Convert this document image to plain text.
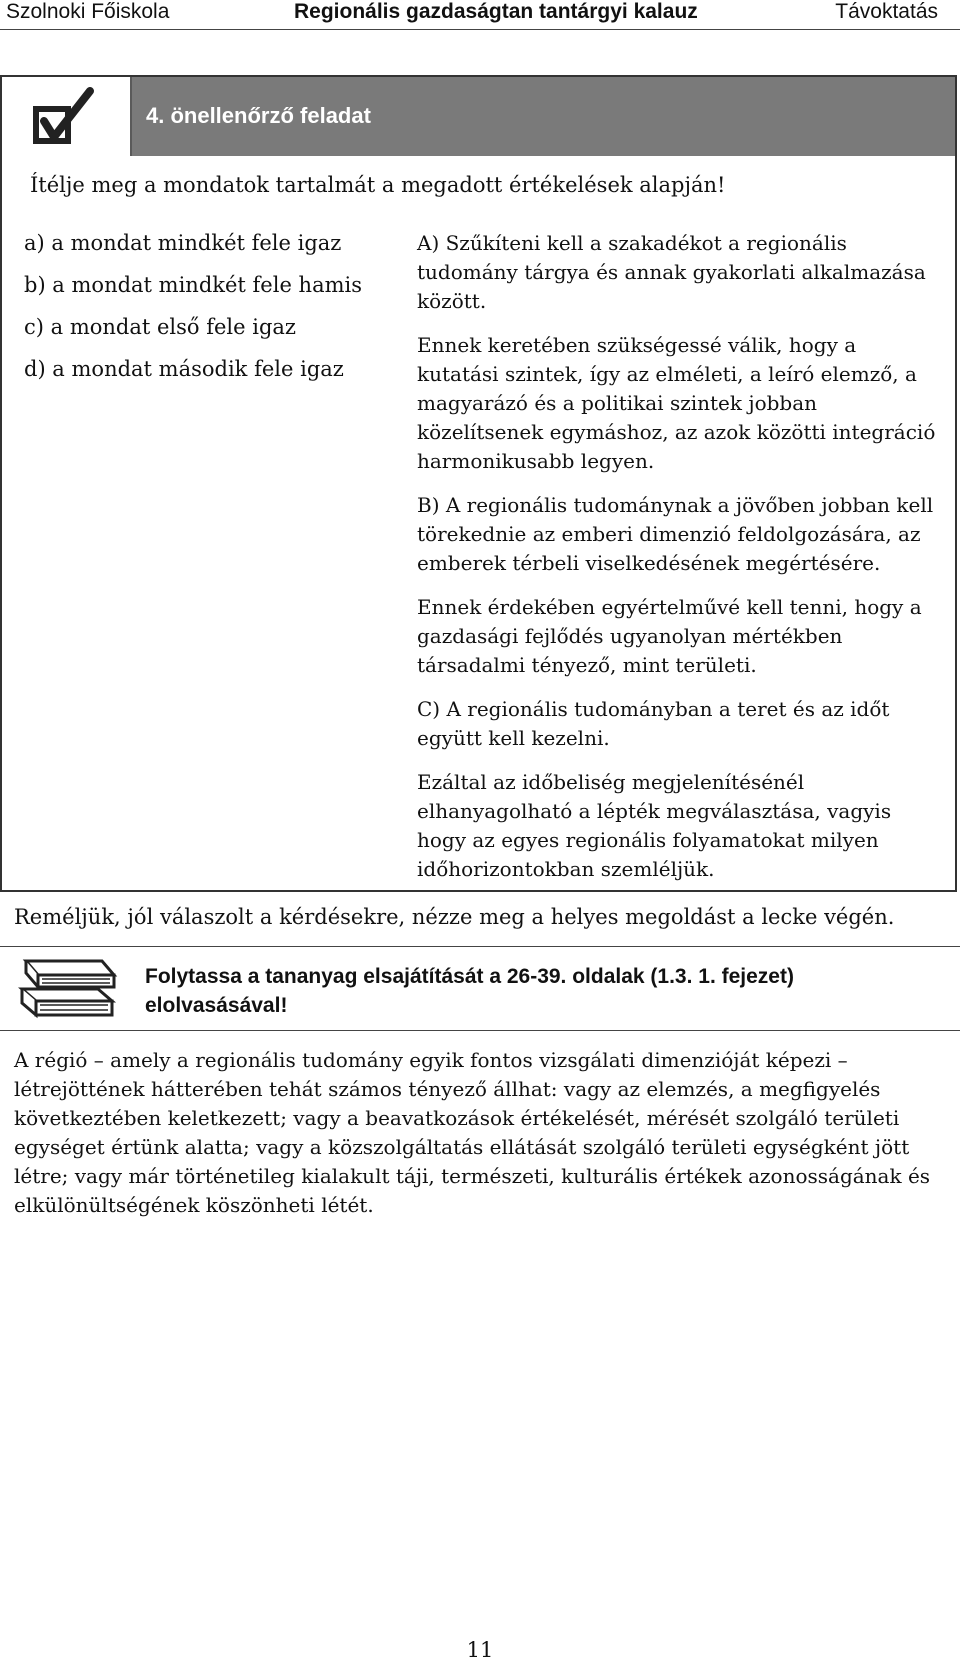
Szolnoki Főiskola	Regionális gazdaságtan tantárgyi kalauz	Távoktatás
4. önellenőrző feladat
Ítélje meg a mondatok tartalmát a megadott értékelések alapján!
a) a mondat mindkét fele igaz
b) a mondat mindkét fele hamis
c) a mondat első fele igaz
d) a mondat második fele igaz

A) Szűkíteni kell a szakadékot a regionális tudomány tárgya és annak gyakorlati alkalmazása között.

Ennek keretében szükségessé válik, hogy a kutatási szintek, így az elméleti, a leíró elemző, a magyarázó és a politikai szintek jobban közelítsenek egymáshoz, az azok közötti integráció harmonikusabb legyen.

B) A regionális tudománynak a jövőben jobban kell törekednie az emberi dimenzió feldolgozására, az emberek térbeli viselkedésének megértésére.

Ennek érdekében egyértelművé kell tenni, hogy a gazdasági fejlődés ugyanolyan mértékben társadalmi tényező, mint területi.

C) A regionális tudományban a teret és az időt együtt kell kezelni.

Ezáltal az időbeliség megjelenítésénél elhanyagolható a lépték megválasztása, vagyis hogy az egyes regionális folyamatokat milyen időhorizontokban szemléljük.

Reméljük, jól válaszolt a kérdésekre, nézze meg a helyes megoldást a lecke végén.
Folytassa a tananyag elsajátítását a 26-39. oldalak (1.3. 1. fejezet) elolvasásával!
A régió – amely a regionális tudomány egyik fontos vizsgálati dimenzióját képezi – létrejöttének hátterében tehát számos tényező állhat: vagy az elemzés, a megfigyelés következtében keletkezett; vagy a beavatkozások értékelését, mérését szolgáló területi egységet értünk alatta; vagy a közszolgáltatás ellátását szolgáló területi egységként jött létre; vagy már történetileg kialakult táji, természeti, kulturális értékek azonosságának és elkülönültségének köszönheti létét.
11
